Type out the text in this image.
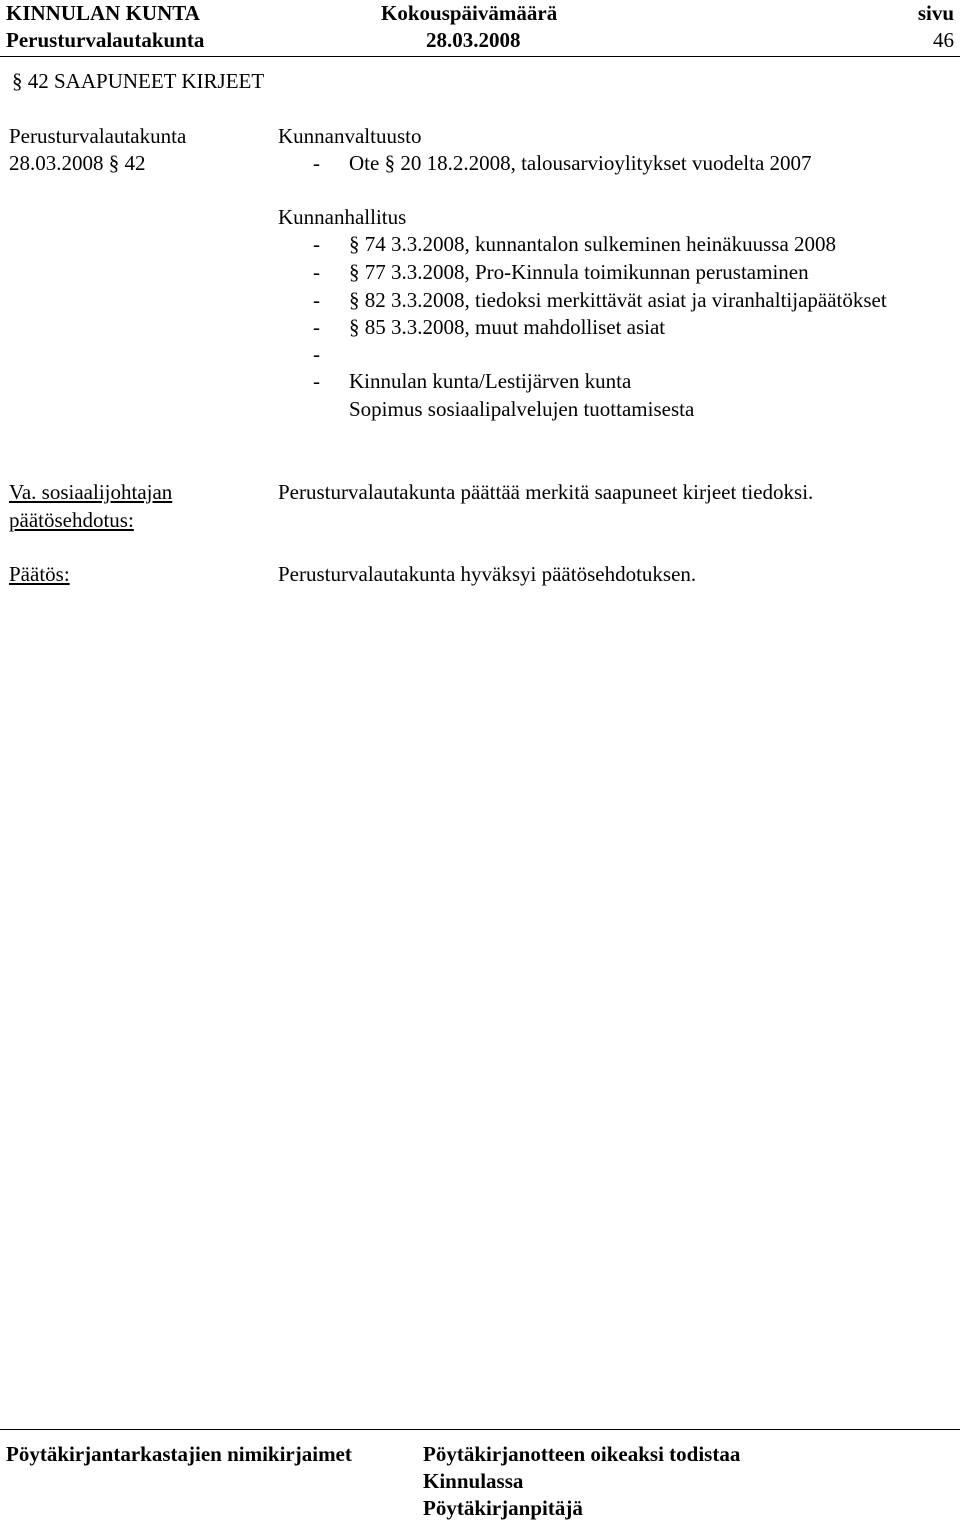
KINNULAN KUNTA
Perusturvalautakunta
Kokouspäivämäärä
28.03.2008
sivu
46
§ 42 SAAPUNEET KIRJEET
Perusturvalautakunta
28.03.2008 § 42
Kunnanvaltuusto
- Ote § 20 18.2.2008, talousarvioylitykset vuodelta 2007
Kunnanhallitus
- § 74 3.3.2008, kunnantalon sulkeminen heinäkuussa 2008
- § 77 3.3.2008, Pro-Kinnula toimikunnan perustaminen
- § 82 3.3.2008, tiedoksi merkittävät asiat ja viranhaltijapäätökset
- § 85 3.3.2008, muut mahdolliset asiat
-
- Kinnulan kunta/Lestijärven kunta
Sopimus sosiaalipalvelujen tuottamisesta
Va. sosiaalijohtajan
päätösehdotus:
Perusturvalautakunta päättää merkitä saapuneet kirjeet tiedoksi.
Päätös:	Perusturvalautakunta hyväksyi päätösehdotuksen.
Pöytäkirjantarkastajien nimikirjaimet	Pöytäkirjanotteen oikeaksi todistaa
Kinnulassa
Pöytäkirjanpitäjä
